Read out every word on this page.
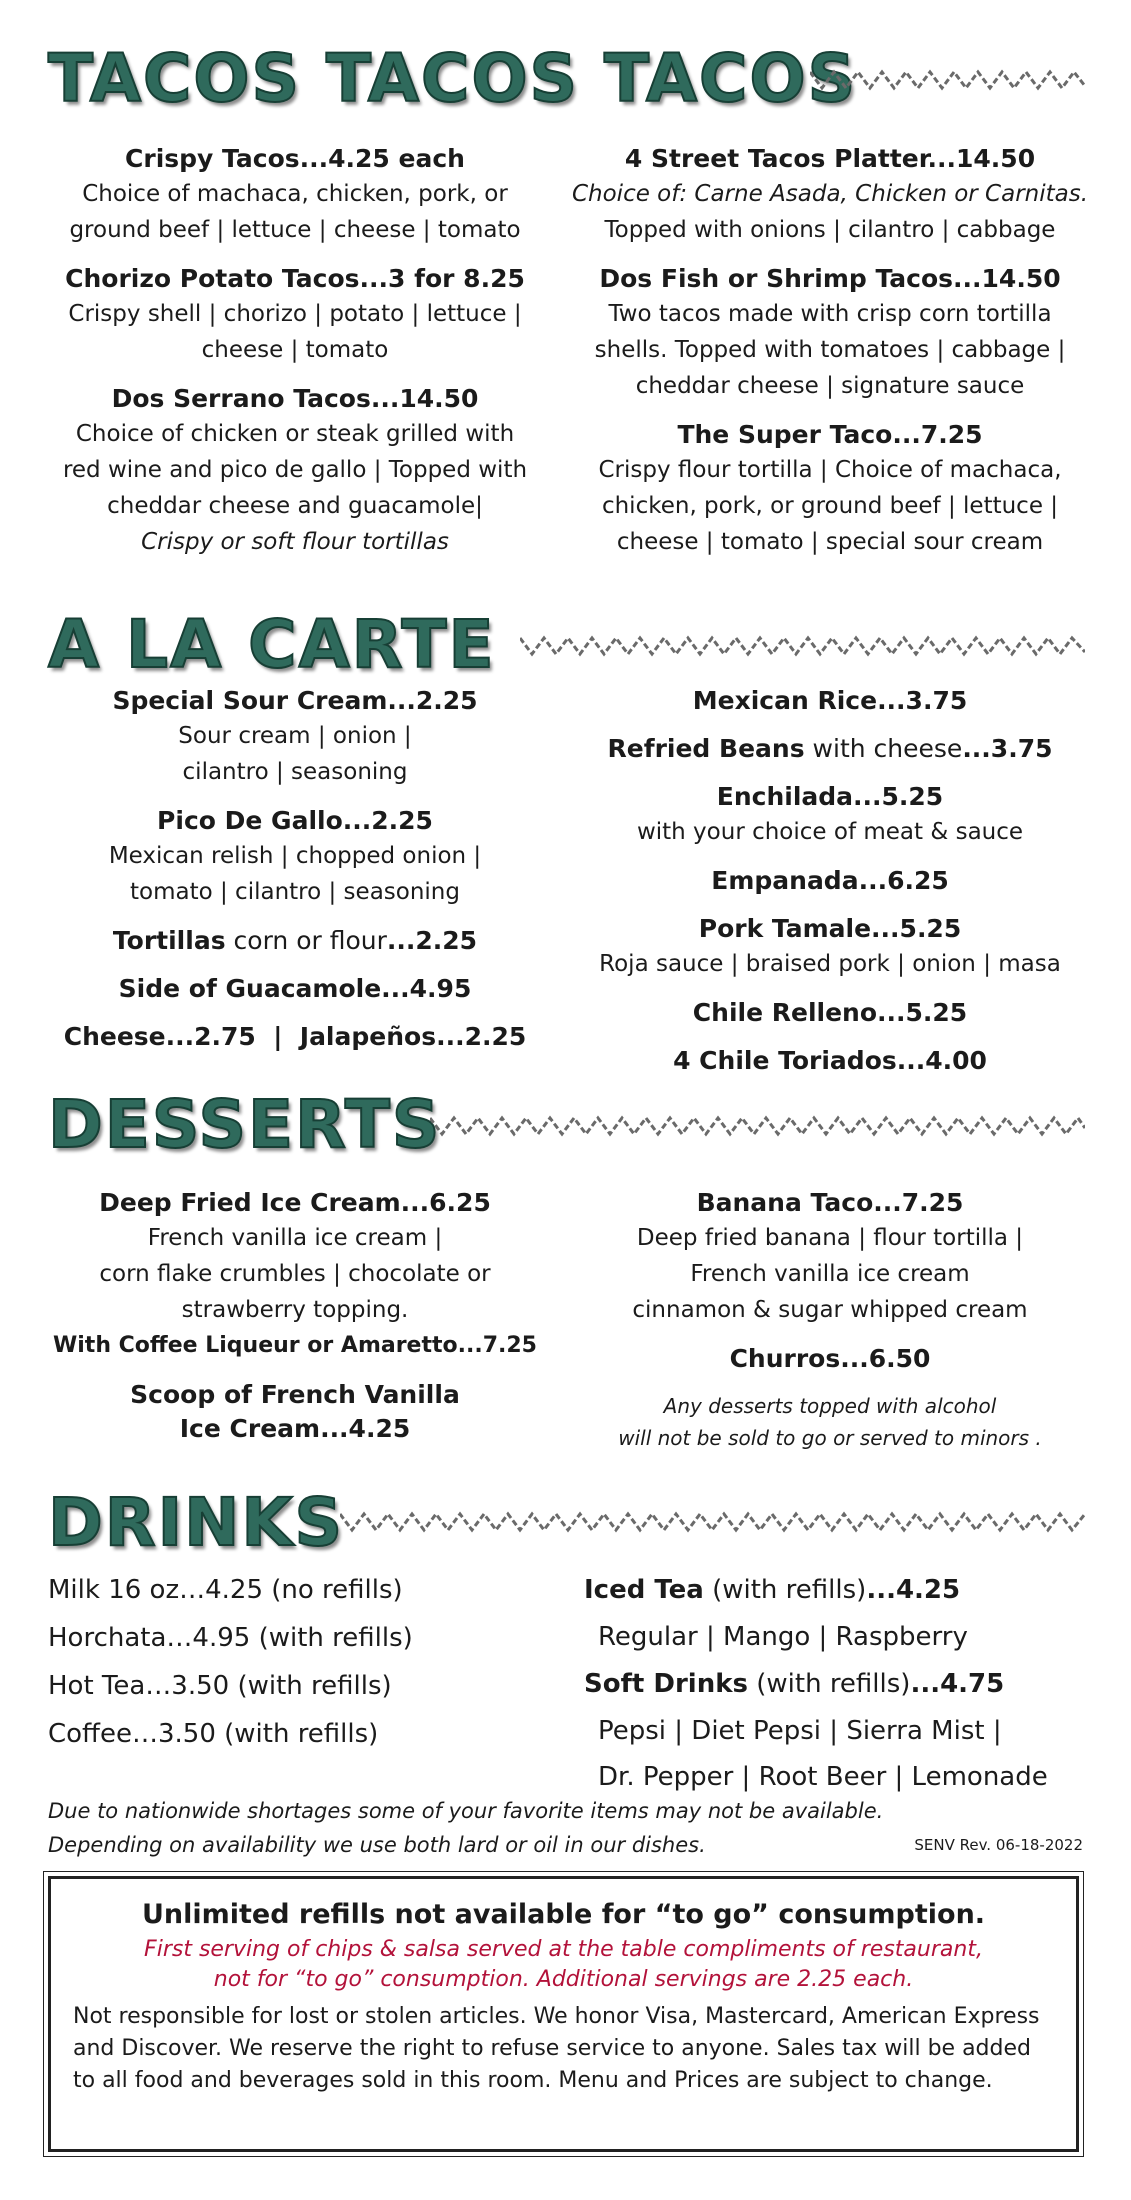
TACOS TACOS TACOS
Crispy Tacos...4.25 each
Choice of machaca, chicken, pork, or
ground beef | lettuce | cheese | tomato
Chorizo Potato Tacos...3 for 8.25
Crispy shell | chorizo | potato | lettuce |
cheese | tomato
Dos Serrano Tacos...14.50
Choice of chicken or steak grilled with
red wine and pico de gallo | Topped with
cheddar cheese and guacamole|
Crispy or soft flour tortillas
4 Street Tacos Platter...14.50
Choice of: Carne Asada, Chicken or Carnitas.
Topped with onions | cilantro | cabbage
Dos Fish or Shrimp Tacos...14.50
Two tacos made with crisp corn tortilla
shells. Topped with tomatoes | cabbage |
cheddar cheese | signature sauce
The Super Taco...7.25
Crispy flour tortilla | Choice of machaca,
chicken, pork, or ground beef | lettuce |
cheese | tomato | special sour cream
A LA CARTE
Special Sour Cream...2.25
Sour cream | onion |
cilantro | seasoning
Pico De Gallo...2.25
Mexican relish | chopped onion |
tomato | cilantro | seasoning
Tortillas corn or flour...2.25
Side of Guacamole...4.95
Cheese...2.75  |  Jalapeños...2.25
Mexican Rice...3.75
Refried Beans with cheese...3.75
Enchilada...5.25
with your choice of meat & sauce
Empanada...6.25
Pork Tamale...5.25
Roja sauce | braised pork | onion | masa
Chile Relleno...5.25
4 Chile Toriados...4.00
DESSERTS
Deep Fried Ice Cream...6.25
French vanilla ice cream |
corn flake crumbles | chocolate or
strawberry topping.
With Coffee Liqueur or Amaretto...7.25
Scoop of French Vanilla
Ice Cream...4.25
Banana Taco...7.25
Deep fried banana | flour tortilla |
French vanilla ice cream
cinnamon & sugar whipped cream
Churros...6.50
Any desserts topped with alcohol
will not be sold to go or served to minors .
DRINKS
Milk 16 oz…4.25 (no refills)
Horchata…4.95 (with refills)
Hot Tea…3.50 (with refills)
Coffee…3.50 (with refills)
Iced Tea (with refills)...4.25
Regular | Mango | Raspberry
Soft Drinks (with refills)...4.75
Pepsi | Diet Pepsi | Sierra Mist |
Dr. Pepper | Root Beer | Lemonade
Due to nationwide shortages some of your favorite items may not be available.
Depending on availability we use both lard or oil in our dishes.	SENV Rev. 06-18-2022
Unlimited refills not available for “to go” consumption.
First serving of chips & salsa served at the table compliments of restaurant,
not for “to go” consumption. Additional servings are 2.25 each.
Not responsible for lost or stolen articles. We honor Visa, Mastercard, American Express
and Discover. We reserve the right to refuse service to anyone. Sales tax will be added
to all food and beverages sold in this room. Menu and Prices are subject to change.
